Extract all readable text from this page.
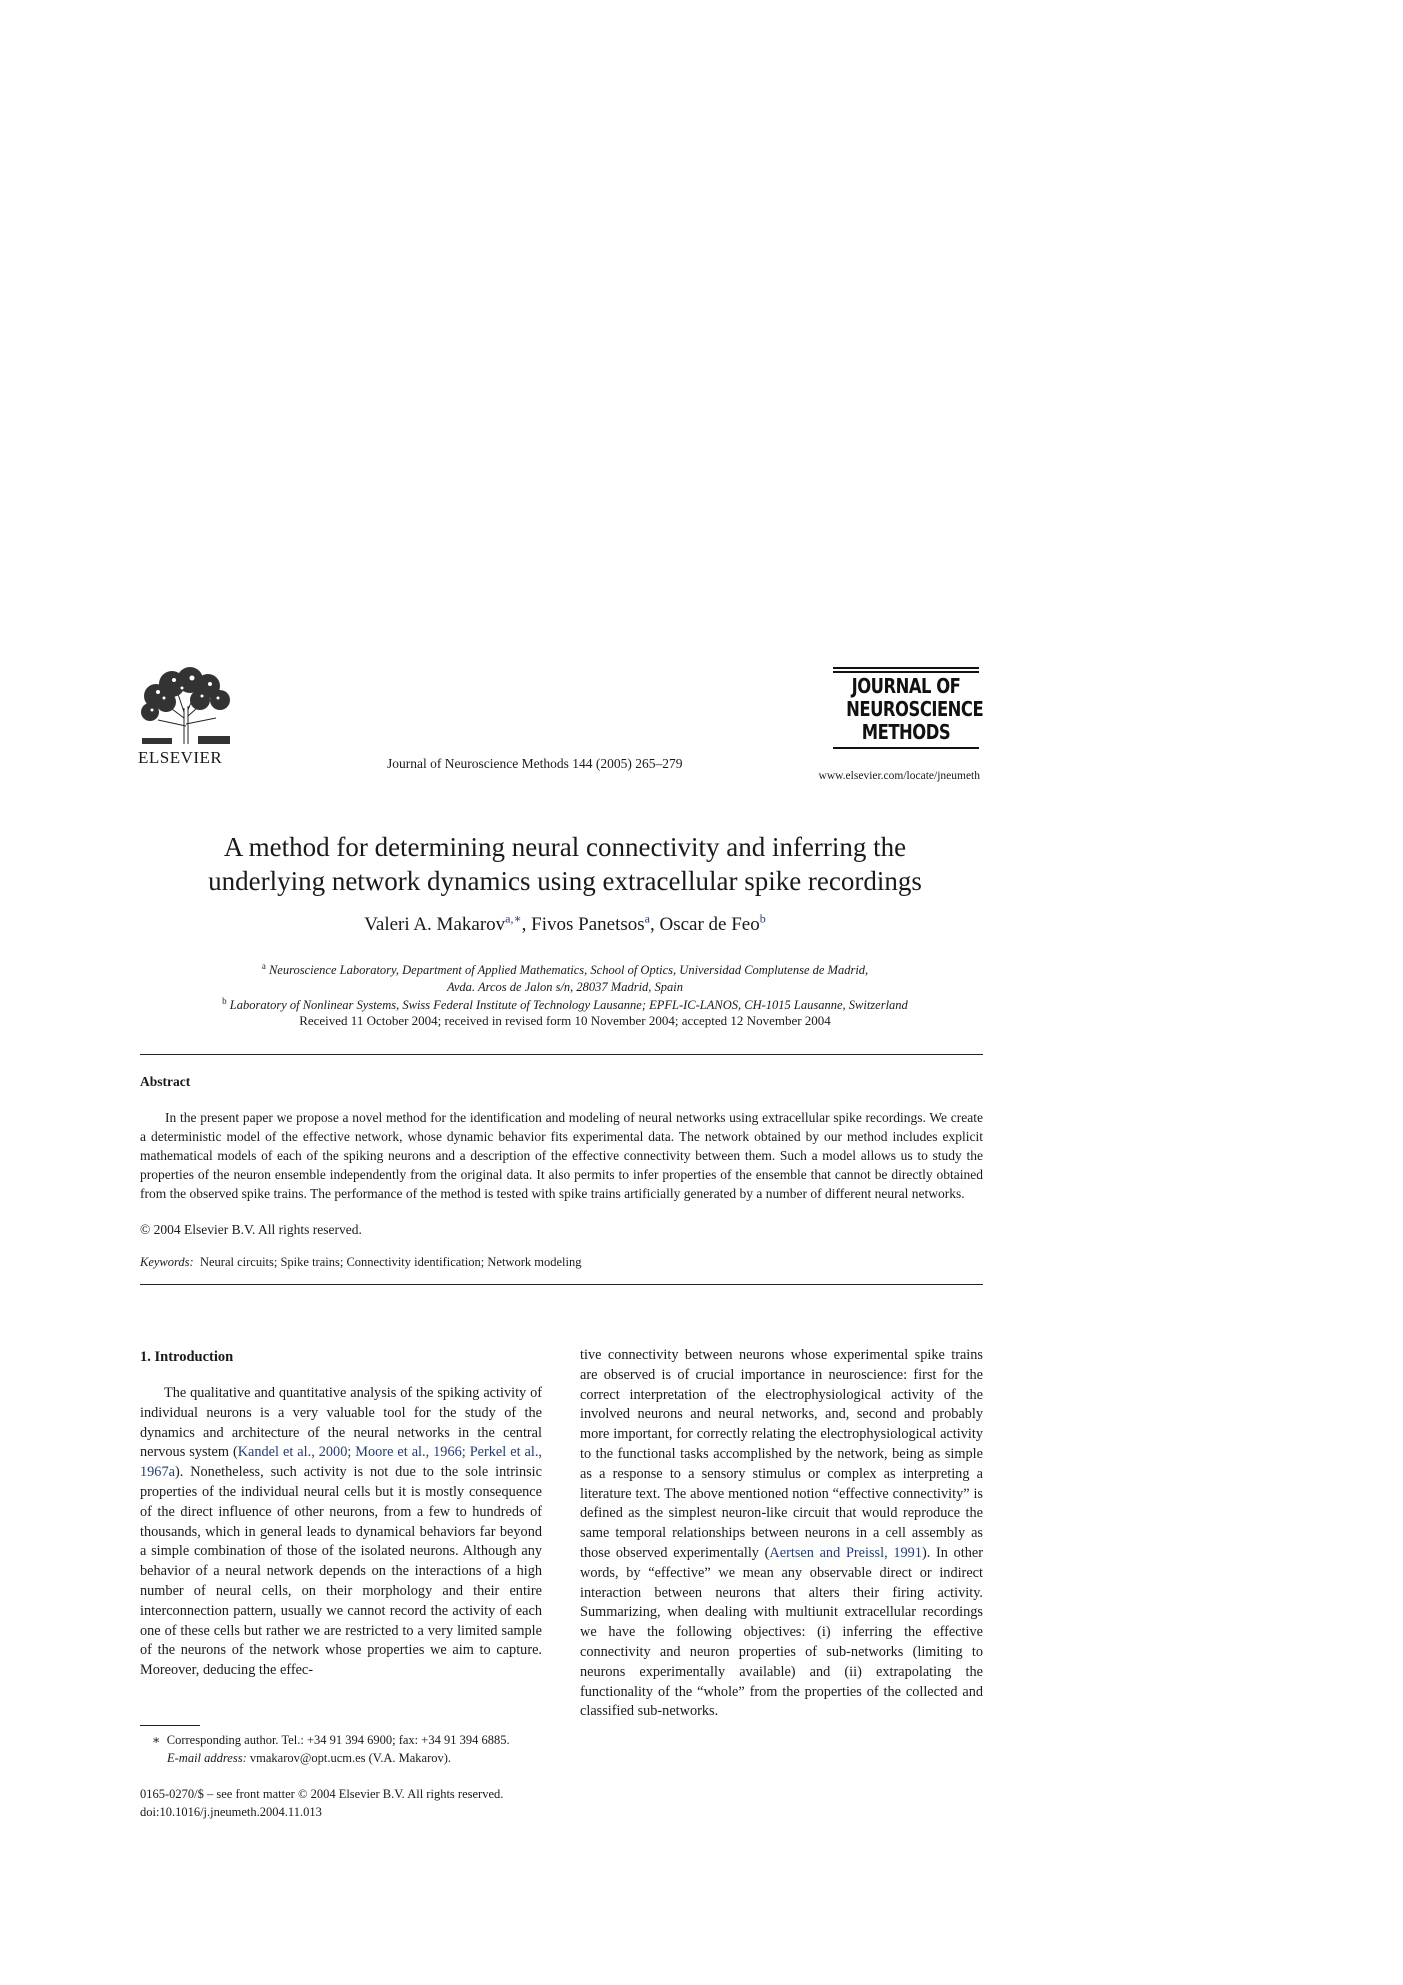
ELSEVIER	Journal of Neuroscience Methods 144 (2005) 265–279
JOURNAL OF
NEUROSCIENCE
METHODS
www.elsevier.com/locate/jneumeth
A method for determining neural connectivity and inferring the
underlying network dynamics using extracellular spike recordings
Valeri A. Makarov$^{a,∗}$, Fivos Panetsos$^a$, Oscar de Feo$^b$
$^a$ Neuroscience Laboratory, Department of Applied Mathematics, School of Optics, Universidad Complutense de Madrid,
Avda. Arcos de Jalon s/n, 28037 Madrid, Spain
$^b$ Laboratory of Nonlinear Systems, Swiss Federal Institute of Technology Lausanne; EPFL-IC-LANOS, CH-1015 Lausanne, Switzerland
Received 11 October 2004; received in revised form 10 November 2004; accepted 12 November 2004
Abstract
In the present paper we propose a novel method for the identification and modeling of neural networks using extracellular spike recordings. We create a deterministic model of the effective network, whose dynamic behavior fits experimental data. The network obtained by our method includes explicit mathematical models of each of the spiking neurons and a description of the effective connectivity between them. Such a model allows us to study the properties of the neuron ensemble independently from the original data. It also permits to infer properties of the ensemble that cannot be directly obtained from the observed spike trains. The performance of the method is tested with spike trains artificially generated by a number of different neural networks.
© 2004 Elsevier B.V. All rights reserved.
Keywords: Neural circuits; Spike trains; Connectivity identification; Network modeling
1. Introduction
The qualitative and quantitative analysis of the spiking activity of individual neurons is a very valuable tool for the study of the dynamics and architecture of the neural networks in the central nervous system (Kandel et al., 2000; Moore et al., 1966; Perkel et al., 1967a). Nonetheless, such activity is not due to the sole intrinsic properties of the individual neural cells but it is mostly consequence of the direct influence of other neurons, from a few to hundreds of thousands, which in general leads to dynamical behaviors far beyond a simple combination of those of the isolated neurons. Although any behavior of a neural network depends on the interactions of a high number of neural cells, on their morphology and their entire interconnection pattern, usually we cannot record the activity of each one of these cells but rather we are restricted to a very limited sample of the neurons of the network whose properties we aim to capture. Moreover, deducing the effec-
tive connectivity between neurons whose experimental spike trains are observed is of crucial importance in neuroscience: first for the correct interpretation of the electrophysiological activity of the involved neurons and neural networks, and, second and probably more important, for correctly relating the electrophysiological activity to the functional tasks accomplished by the network, being as simple as a response to a sensory stimulus or complex as interpreting a literature text. The above mentioned notion “effective connectivity” is defined as the simplest neuron-like circuit that would reproduce the same temporal relationships between neurons in a cell assembly as those observed experimentally (Aertsen and Preissl, 1991). In other words, by “effective” we mean any observable direct or indirect interaction between neurons that alters their firing activity. Summarizing, when dealing with multiunit extracellular recordings we have the following objectives: (i) inferring the effective connectivity and neuron properties of sub-networks (limiting to neurons experimentally available) and (ii) extrapolating the functionality of the “whole” from the properties of the collected and classified sub-networks.
∗ Corresponding author. Tel.: +34 91 394 6900; fax: +34 91 394 6885.
E-mail address: vmakarov@opt.ucm.es (V.A. Makarov).
0165-0270/$ – see front matter © 2004 Elsevier B.V. All rights reserved.
doi:10.1016/j.jneumeth.2004.11.013
